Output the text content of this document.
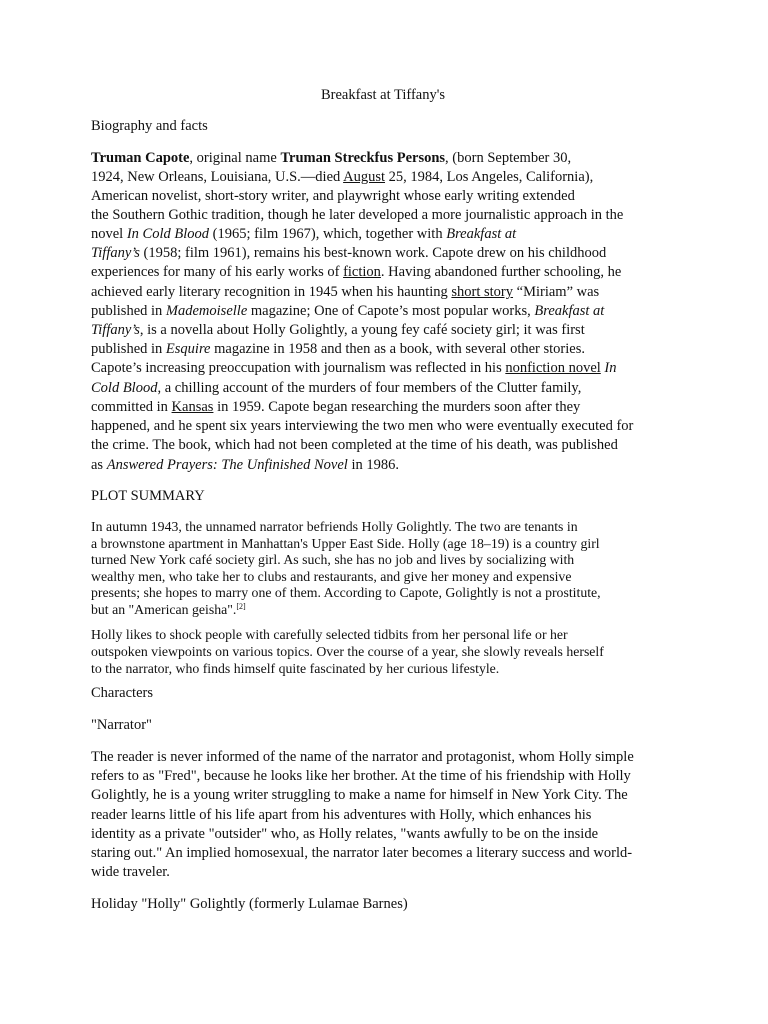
Breakfast at Tiffany's
Biography and facts
Truman Capote, original name Truman Streckfus Persons, (born September 30,
1924, New Orleans, Louisiana, U.S.—died August 25, 1984, Los Angeles, California),
American novelist, short-story writer, and playwright whose early writing extended
the Southern Gothic tradition, though he later developed a more journalistic approach in the
novel In Cold Blood (1965; film 1967), which, together with Breakfast at
Tiffany’s (1958; film 1961), remains his best-known work. Capote drew on his childhood
experiences for many of his early works of fiction. Having abandoned further schooling, he
achieved early literary recognition in 1945 when his haunting short story “Miriam” was
published in Mademoiselle magazine; One of Capote’s most popular works, Breakfast at
Tiffany’s, is a novella about Holly Golightly, a young fey café society girl; it was first
published in Esquire magazine in 1958 and then as a book, with several other stories.
Capote’s increasing preoccupation with journalism was reflected in his nonfiction novel In
Cold Blood, a chilling account of the murders of four members of the Clutter family,
committed in Kansas in 1959. Capote began researching the murders soon after they
happened, and he spent six years interviewing the two men who were eventually executed for
the crime. The book, which had not been completed at the time of his death, was published
as Answered Prayers: The Unfinished Novel in 1986.
PLOT SUMMARY
In autumn 1943, the unnamed narrator befriends Holly Golightly. The two are tenants in
a brownstone apartment in Manhattan's Upper East Side. Holly (age 18–19) is a country girl
turned New York café society girl. As such, she has no job and lives by socializing with
wealthy men, who take her to clubs and restaurants, and give her money and expensive
presents; she hopes to marry one of them. According to Capote, Golightly is not a prostitute,
but an "American geisha".[2]
Holly likes to shock people with carefully selected tidbits from her personal life or her
outspoken viewpoints on various topics. Over the course of a year, she slowly reveals herself
to the narrator, who finds himself quite fascinated by her curious lifestyle.
Characters
"Narrator"
The reader is never informed of the name of the narrator and protagonist, whom Holly simple
refers to as "Fred", because he looks like her brother. At the time of his friendship with Holly
Golightly, he is a young writer struggling to make a name for himself in New York City. The
reader learns little of his life apart from his adventures with Holly, which enhances his
identity as a private "outsider" who, as Holly relates, "wants awfully to be on the inside
staring out." An implied homosexual, the narrator later becomes a literary success and world-
wide traveler.
Holiday "Holly" Golightly (formerly Lulamae Barnes)
